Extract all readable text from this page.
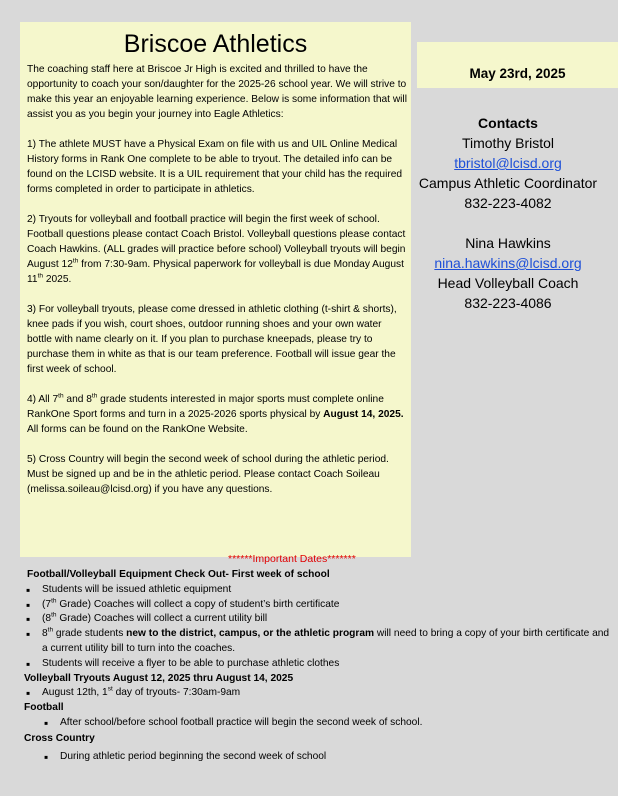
Briscoe Athletics

The coaching staff here at Briscoe Jr High is excited and thrilled to have the opportunity to coach your son/daughter for the 2025-26 school year. We will strive to make this year an enjoyable learning experience. Below is some information that will assist you as you begin your journey into Eagle Athletics:

1) The athlete MUST have a Physical Exam on file with us and UIL Online Medical History forms in Rank One complete to be able to tryout. The detailed info can be found on the LCISD website. It is a UIL requirement that your child has the required forms completed in order to participate in athletics.

2) Tryouts for volleyball and football practice will begin the first week of school. Football questions please contact Coach Bristol. Volleyball questions please contact Coach Hawkins. (ALL grades will practice before school) Volleyball tryouts will begin August 12th from 7:30-9am. Physical paperwork for volleyball is due Monday August 11th 2025.

3) For volleyball tryouts, please come dressed in athletic clothing (t-shirt & shorts), knee pads if you wish, court shoes, outdoor running shoes and your own water bottle with name clearly on it. If you plan to purchase kneepads, please try to purchase them in white as that is our team preference. Football will issue gear the first week of school.

4) All 7th and 8th grade students interested in major sports must complete online RankOne Sport forms and turn in a 2025-2026 sports physical by August 14, 2025. All forms can be found on the RankOne Website.

5) Cross Country will begin the second week of school during the athletic period. Must be signed up and be in the athletic period. Please contact Coach Soileau (melissa.soileau@lcisd.org) if you have any questions.

May 23rd, 2025
Contacts
Timothy Bristol
tbristol@lcisd.org
Campus Athletic Coordinator
832-223-4082
Nina Hawkins
nina.hawkins@lcisd.org
Head Volleyball Coach
832-223-4086
******Important Dates*******
Football/Volleyball Equipment Check Out- First week of school
▪ Students will be issued athletic equipment
▪ (7th Grade) Coaches will collect a copy of student’s birth certificate
▪ (8th Grade) Coaches will collect a current utility bill
▪ 8th grade students new to the district, campus, or the athletic program will need to bring a copy of your birth certificate and a current utility bill to turn into the coaches.
▪ Students will receive a flyer to be able to purchase athletic clothes
Volleyball Tryouts August 12, 2025 thru August 14, 2025
▪ August 12th, 1st day of tryouts- 7:30am-9am
Football
▪ After school/before school football practice will begin the second week of school.
Cross Country
▪ During athletic period beginning the second week of school
